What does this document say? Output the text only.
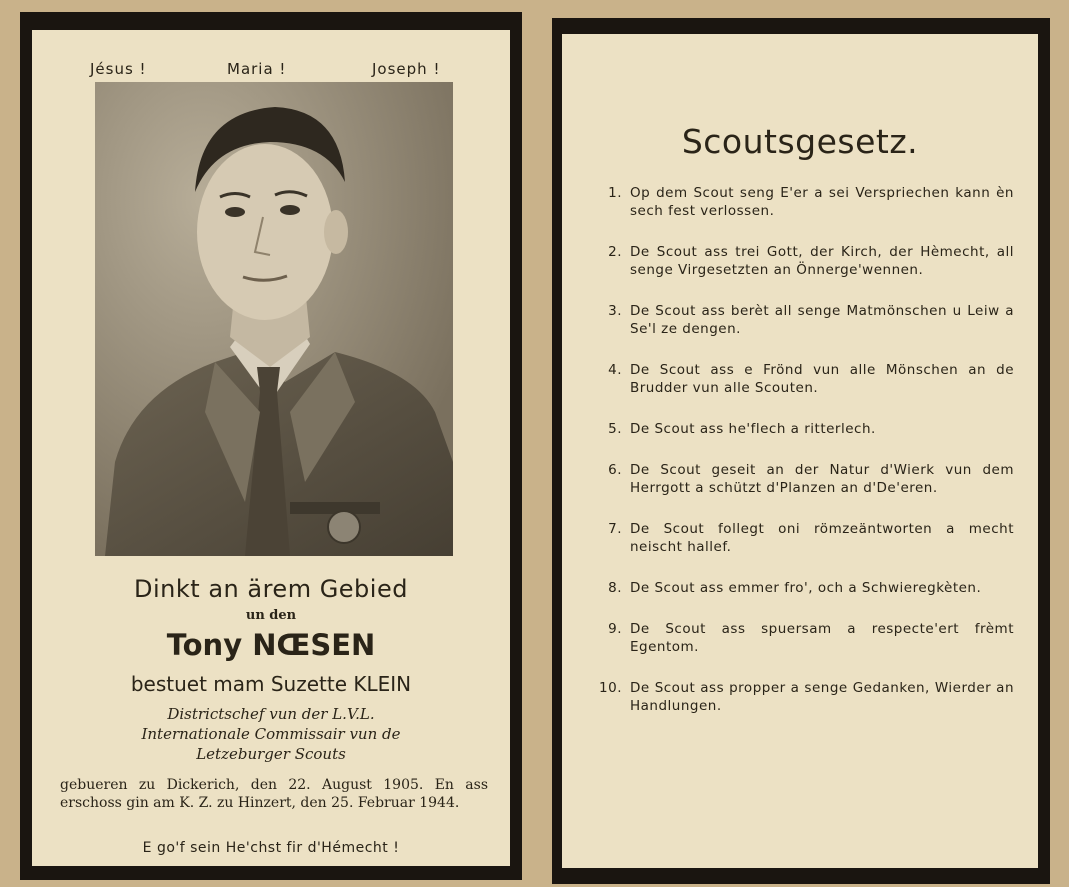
Jésus !	Maria !	Joseph !
Dinkt an ärem Gebied
un den
Tony NŒSEN
bestuet mam Suzette KLEIN
Districtschef vun der L.V.L.
Internationale Commissair vun de
Letzeburger Scouts
gebueren zu Dickerich, den 22. August 1905. En ass erschoss gin am K. Z. zu Hinzert, den 25. Februar 1944.
E go'f sein He'chst fir d'Hémecht !
Scoutsgesetz.
1. Op dem Scout seng E'er a sei Verspriechen kann èn sech fest verlossen.
2. De Scout ass trei Gott, der Kirch, der Hèmecht, all senge Virgesetzten an Önnerge'wennen.
3. De Scout ass berèt all senge Matmönschen u Leiw a Se'l ze dengen.
4. De Scout ass e Frönd vun alle Mönschen an de Brudder vun alle Scouten.
5. De Scout ass he'flech a ritterlech.
6. De Scout geseit an der Natur d'Wierk vun dem Herrgott a schützt d'Planzen an d'De'eren.
7. De Scout follegt oni römzeäntworten a mecht neischt hallef.
8. De Scout ass emmer fro', och a Schwieregkèten.
9. De Scout ass spuersam a respecte'ert frèmt Egentom.
10. De Scout ass propper a senge Gedanken, Wierder an Handlungen.
